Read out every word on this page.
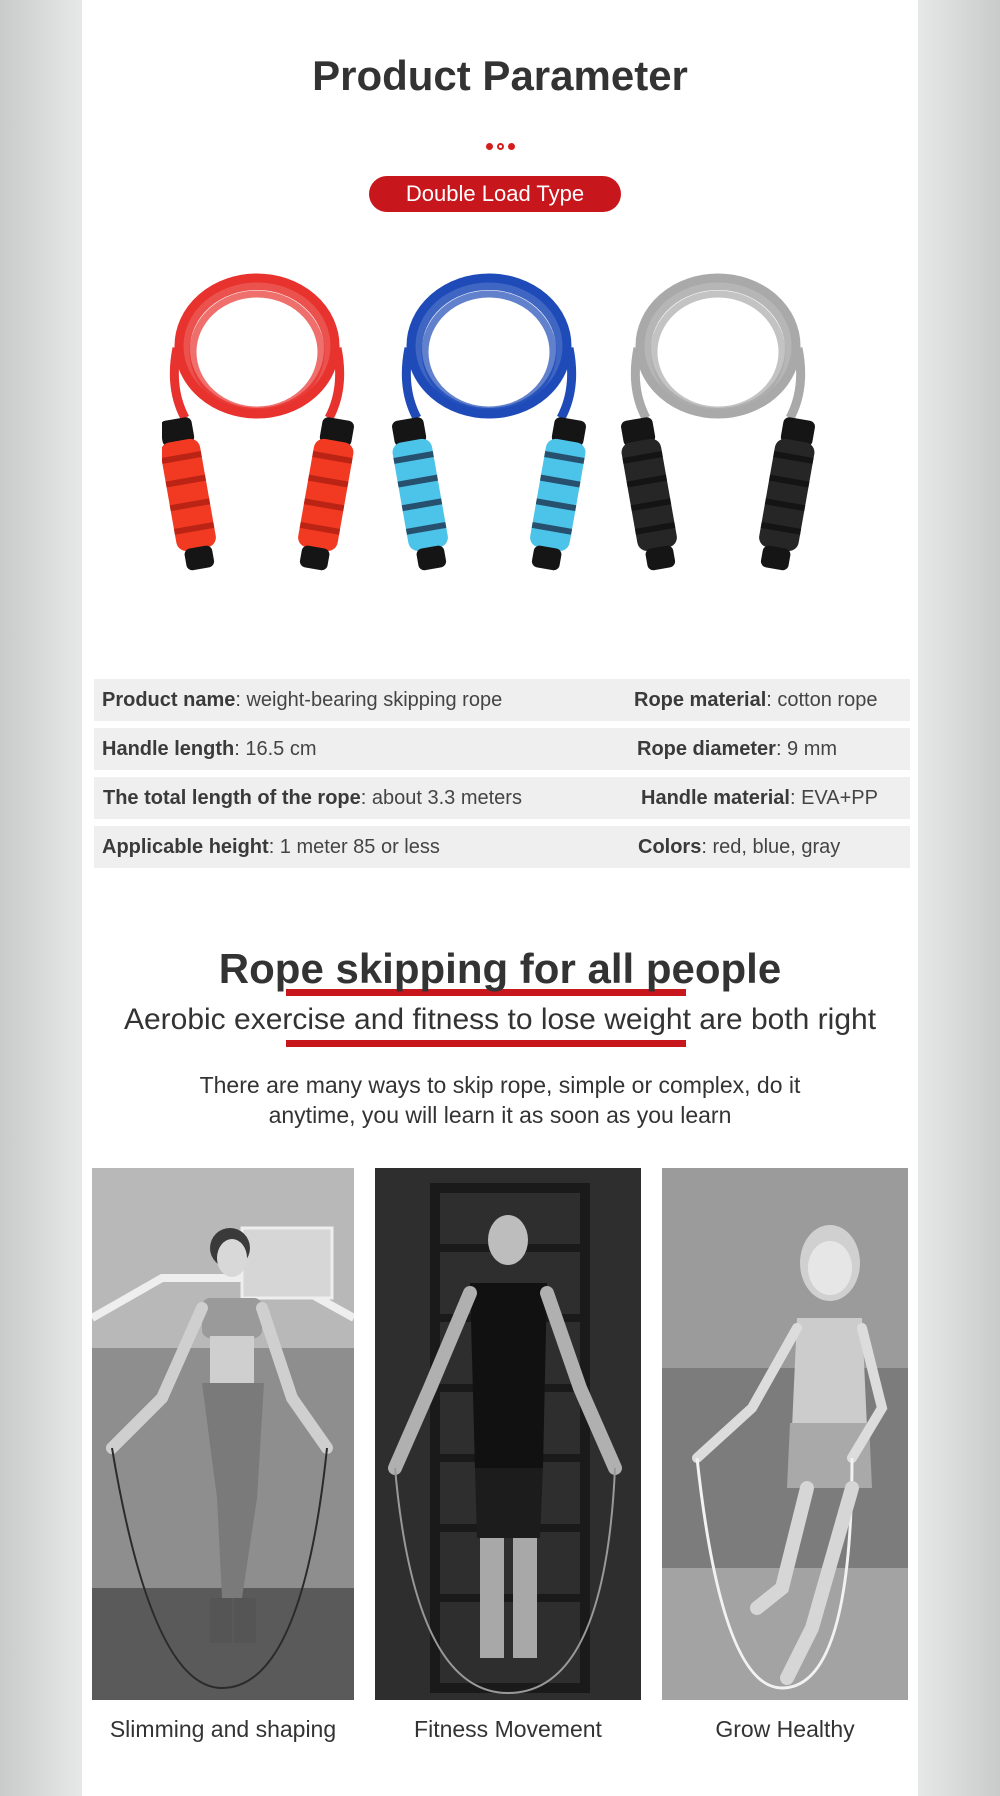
Product Parameter

Double Load Type
Product name: weight-bearing skipping rope	Rope material: cotton rope
Handle length: 16.5 cm	Rope diameter: 9 mm
The total length of the rope: about 3.3 meters	Handle material: EVA+PP
Applicable height: 1 meter 85 or less	Colors: red, blue, gray
Rope skipping for all people
Aerobic exercise and fitness to lose weight are both right
There are many ways to skip rope, simple or complex, do it anytime, you will learn it as soon as you learn
Slimming and shaping	Fitness Movement	Grow Healthy
